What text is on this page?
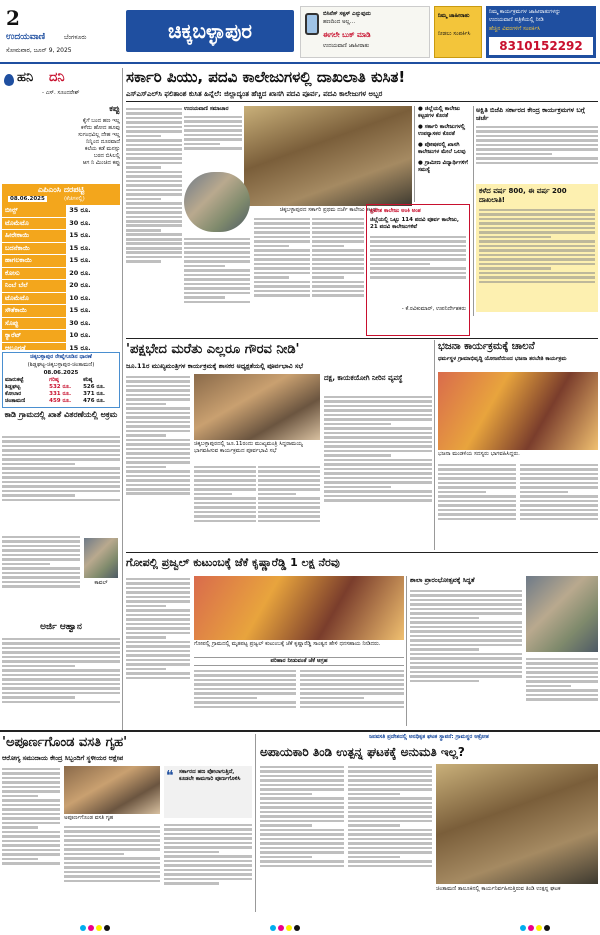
2
ಉದಯವಾಣಿ	ಬೆಂಗಳೂರು
ಸೋಮವಾರ, ಜೂನ್ 9, 2025
ಚಿಕ್ಕಬಳ್ಳಾಪುರ
ಬಿಸಿನೆಸ್ ಸಕ್ಸಸ್ ಎನ್ನುವುದು
ಹಣದಿಂದ ಅಲ್ಲ...
ಈಗಲೇ ಬುಕ್ ಮಾಡಿ
ಉದಯವಾಣಿ ಜಾಹೀರಾತು
ನಿಮ್ಮ ಜಾಹೀರಾತು
ನೀಡಲು ಸಂಪರ್ಕಿಸಿ
ನಿಮ್ಮ ಕಾರ್ಯಕ್ರಮಗಳ ಜಾಹೀರಾತುಗಳನ್ನು
ಉದಯವಾಣಿ ಪತ್ರಿಕೆಯಲ್ಲಿ ನೀಡಿ
ಹೆಚ್ಚಿನ ವಿವರಗಳಿಗೆ ಸಂಪರ್ಕಿಸಿ
8310152292
ಹನಿ ದನಿ
- ಎಸ್. ಸೂಂದರೇಶ್
ಕಪ್ಪು
ಕೈಗೆ ಬಂದ ಹಣ ಇಲ್ಲ
ಕಳೆದು ಹೋದ ಹೂವು
ಸುಗಂಧವಿಲ್ಲ ದೇಹ ಇಲ್ಲ
ನಿನ್ನಿಂದ ದೂರವಾದೆ
ಕಲೆಯ ಕಡೆ ಮನಸ್ಸು
ಬರದ ಬಿಸಿಲಲ್ಲಿ
ಆಗ ನಿ ಮಿಂಚಿದ ಕಪ್ಪು
ಎಪಿಎಂಸಿ ದರಪಟ್ಟಿ
08.06.2025	(ಕೆಜಿಗಳಲ್ಲಿ)
ಬೀನ್ಸ್	35 ರೂ.
ಟೊಮೆಟೊ	30 ರೂ.
ಹೀರೇಕಾಯಿ	15 ರೂ.
ಬದನೆಕಾಯಿ	15 ರೂ.
ಹಾಗಲಕಾಯಿ	15 ರೂ.
ಕೋಸು	20 ರೂ.
ನಿಂಬೆ ಬೆಲೆ	20 ರೂ.
ಟೊಮೆಟೊ	10 ರೂ.
ಸೌತೆಕಾಯಿ	15 ರೂ.
ಸೊಪ್ಪು	30 ರೂ.
ಕ್ಯಾರೆಟ್	10 ರೂ.
ಆಲೂಗಡ್ಡೆ	15 ರೂ.
ಚಿಕ್ಕಬಳ್ಳಾಪುರ ರೇಷ್ಮೆಗೂಡಿನ ಧಾರಣೆ
(ಶಿಡ್ಲಘಟ್ಟ-ಚಿಕ್ಕಬಳ್ಳಾಪುರ-ಚಿಂತಾಮಣಿ)
08.06.2025
ಮಾರುಕಟ್ಟೆ	ಗರಿಷ್ಠ	ಕನಿಷ್ಠ
ಶಿಡ್ಲಘಟ್ಟ	532 ರೂ.	526 ರೂ.
ಕೋಲಾರ	331 ರೂ.	371 ರೂ.
ಚಿಂತಾಮಣಿ	459 ರೂ.	476 ರೂ.
ಕಾಡಿ ಗ್ರಾಮದಲ್ಲಿ ಖಾತೆ ವಿತರಣೆಯಲ್ಲಿ ಅಕ್ರಮ
ಕಾವಲ್
ಅರ್ಜಿ ಆಹ್ವಾನ
ಸರ್ಕಾರಿ ಪಿಯು, ಪದವಿ ಕಾಲೇಜುಗಳಲ್ಲಿ ದಾಖಲಾತಿ ಕುಸಿತ!
ಎಸ್ಎಸ್ಎಲ್‌ಸಿ ಫಲಿತಾಂಶ ಕುಸಿತ ಹಿನ್ನೆಲೆ: ಜಿಲ್ಲಾದ್ಯಂತ ಹೆಚ್ಚಿದ ಖಾಸಗಿ ಪದವಿ ಪೂರ್ವ, ಪದವಿ ಕಾಲೇಜುಗಳ ಅಬ್ಬರ
ಉದಯವಾಣಿ ಸಮಾಚಾರ
ಚಿಕ್ಕಬಳ್ಳಾಪುರದ ಸರ್ಕಾರಿ ಪ್ರಥಮ ದರ್ಜೆ ಕಾಲೇಜು ಕಟ್ಟಡ
● ಜಿಲ್ಲೆಯಲ್ಲಿ ಕಾಲೇಜು ಕಟ್ಟಡಗಳ ಕೊರತೆ
● ಸರ್ಕಾರಿ ಕಾಲೇಜುಗಳಲ್ಲಿ ಉಪನ್ಯಾಸಕರ ಕೊರತೆ
● ಪೋಷಕರಲ್ಲಿ ಖಾಸಗಿ ಕಾಲೇಜುಗಳ ಮೇಲೆ ಒಲವು
● ಗ್ರಾಮೀಣ ವಿದ್ಯಾರ್ಥಿಗಳಿಗೆ ಸಮಸ್ಯೆ
ಪ್ರವೇಶ ಕಾಲೇಜು ಅಂಕಿ ಅಂಶ
ಜಿಲ್ಲೆಯಲ್ಲಿ ಒಟ್ಟು 114 ಪದವಿ ಪೂರ್ವ ಕಾಲೇಜು, 21 ಪದವಿ ಕಾಲೇಜುಗಳಿವೆ
- ಕೆ.ರವಿಕುಮಾರ್, ಉಪನಿರ್ದೇಶಕರು
ಅಕ್ಷಿತಿ ಬಿಜೆಪಿ ಸರ್ಕಾರದ ಕೇಂದ್ರ ಕಾರ್ಯಕ್ರಮಗಳ ಬಗ್ಗೆ ಚರ್ಚೆ
ಕಳೆದ ವರ್ಷ 800, ಈ ವರ್ಷ 200 ದಾಖಲಾತಿ!
'ಪಕ್ಷಭೇದ ಮರೆತು ಎಲ್ಲರೂ ಗೌರವ ನೀಡಿ'
ಜೂ.11ರ ಮುಖ್ಯಮಂತ್ರಿಗಳ ಕಾರ್ಯಕ್ರಮಕ್ಕೆ ಶಾಸಕರ ಅಧ್ಯಕ್ಷತೆಯಲ್ಲಿ ಪೂರ್ವಭಾವಿ ಸಭೆ
ಚಿಕ್ಕಬಳ್ಳಾಪುರದಲ್ಲಿ ಜೂ.11ರಂದು ಮುಖ್ಯಮಂತ್ರಿ ಸಿದ್ದರಾಮಯ್ಯ ಭಾಗವಹಿಸುವ ಕಾರ್ಯಕ್ರಮದ ಪೂರ್ವಭಾವಿ ಸಭೆ
ದಕ್ಷ, ಕಾಯಕಯೋಗಿ ನೀರಿನ ವ್ಯವಸ್ಥೆ
ಭಜನಾ ಕಾರ್ಯಕ್ರಮಕ್ಕೆ ಚಾಲನೆ
ಧರ್ಮಸ್ಥಳ ಗ್ರಾಮಾಭಿವೃದ್ಧಿ ಯೋಜನೆಯಿಂದ ಭಜನಾ ತರಬೇತಿ ಕಾರ್ಯಕ್ರಮ
ಭಜನಾ ಮಂಡಳಿಯ ಸದಸ್ಯರು ಭಾಗವಹಿಸಿದ್ದರು.
ಗೋಪಲ್ಲಿ ಪ್ರಜ್ವಲ್ ಕುಟುಂಬಕ್ಕೆ ಜೆಕೆ ಕೃಷ್ಣಾರೆಡ್ಡಿ 1 ಲಕ್ಷ ನೆರವು
ಗೋಪಲ್ಲಿ ಗ್ರಾಮದಲ್ಲಿ ಮೃತಪಟ್ಟ ಪ್ರಜ್ವಲ್ ಕುಟುಂಬಕ್ಕೆ ಜೆಕೆ ಕೃಷ್ಣಾರೆಡ್ಡಿ ಸಾಂತ್ವನ ಹೇಳಿ ಧನಸಹಾಯ ನೀಡಿದರು.
ಪರಿಹಾರ ನೀಡುವಂತೆ ಜೆಕೆ ಆಗ್ರಹ
ಶಾಲಾ ಪ್ರಾರಂಭೋತ್ಸವಕ್ಕೆ ಸಿದ್ಧತೆ
'ಅಪೂರ್ಣಗೊಂಡ ವಸತಿ ಗೃಹ'
ಆರೋಗ್ಯ ಸಮುದಾಯ ಕೇಂದ್ರ ಸಿಬ್ಬಂದಿಗೆ ಸ್ಥಳೀಯರ ಆಕ್ಷೇಪ
ಅಪೂರ್ಣಗೊಂಡ ವಸತಿ ಗೃಹ
❝ ಸರ್ಕಾರದ ಹಣ ಪೋಲಾಗುತ್ತಿದೆ, ಕೂಡಲೇ ಕಾಮಗಾರಿ ಪೂರ್ಣಗೊಳಿಸಿ
ಜನವಸತಿ ಪ್ರದೇಶದಲ್ಲಿ ಅನಧಿಕೃತ ಘಟಕ ಸ್ಥಾಪನೆ: ಗ್ರಾಮಸ್ಥರ ಆಕ್ರೋಶ
ಅಪಾಯಕಾರಿ ತಿಂಡಿ ಉತ್ಪನ್ನ ಘಟಕಕ್ಕೆ ಅನುಮತಿ ಇಲ್ಲ?
ಚಿಂತಾಮಣಿ ತಾಲೂಕಿನಲ್ಲಿ ಕಾರ್ಯನಿರ್ವಹಿಸುತ್ತಿರುವ ತಿಂಡಿ ಉತ್ಪನ್ನ ಘಟಕ
